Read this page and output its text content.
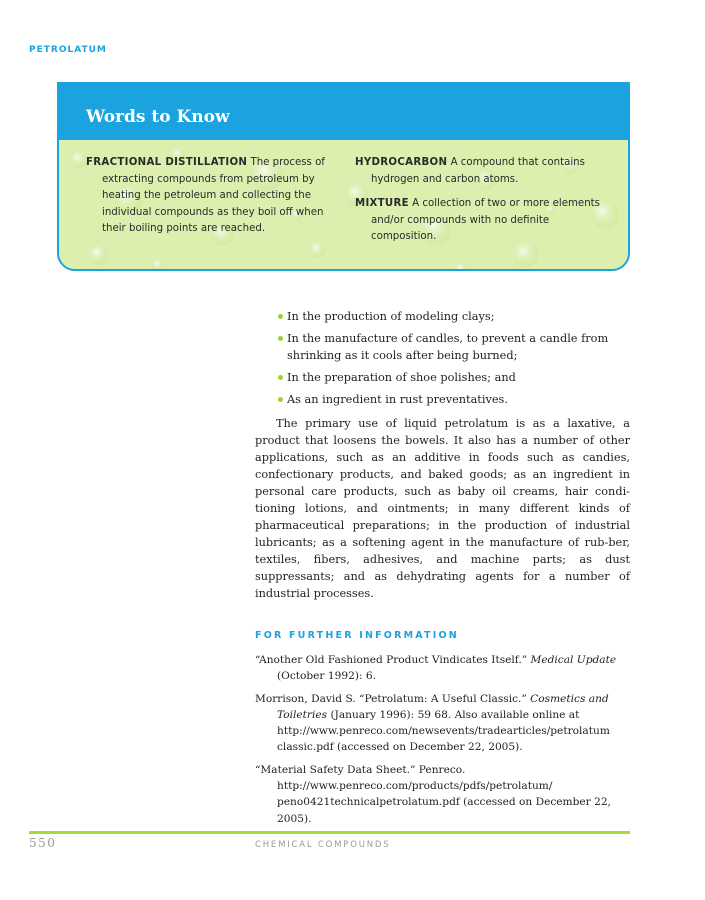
PETROLATUM
Words to Know

FRACTIONAL DISTILLATION The process of extracting compounds from petroleum by heating the petroleum and collecting the individual compounds as they boil off when their boiling points are reached.

HYDROCARBON A compound that contains hydrogen and carbon atoms.

MIXTURE A collection of two or more elements and/or compounds with no definite composition.

In the production of modeling clays;
In the manufacture of candles, to prevent a candle from shrinking as it cools after being burned;
In the preparation of shoe polishes; and
As an ingredient in rust preventatives.

The primary use of liquid petrolatum is as a laxative, a product that loosens the bowels. It also has a number of other applications, such as an additive in foods such as candies, confectionary products, and baked goods; as an ingredient in personal care products, such as baby oil creams, hair condi-tioning lotions, and ointments; in many different kinds of pharmaceutical preparations; in the production of industrial lubricants; as a softening agent in the manufacture of rub-ber, textiles, fibers, adhesives, and machine parts; as dust suppressants; and as dehydrating agents for a number of industrial processes.

FOR FURTHER INFORMATION

“Another Old Fashioned Product Vindicates Itself.” Medical Update (October 1992): 6.

Morrison, David S. “Petrolatum: A Useful Classic.” Cosmetics and Toiletries (January 1996): 59 68. Also available online at http://www.penreco.com/newsevents/tradearticles/petrolatum classic.pdf (accessed on December 22, 2005).

“Material Safety Data Sheet.” Penreco. http://www.penreco.com/products/pdfs/petrolatum/ peno0421technicalpetrolatum.pdf (accessed on December 22, 2005).

550	CHEMICAL COMPOUNDS
